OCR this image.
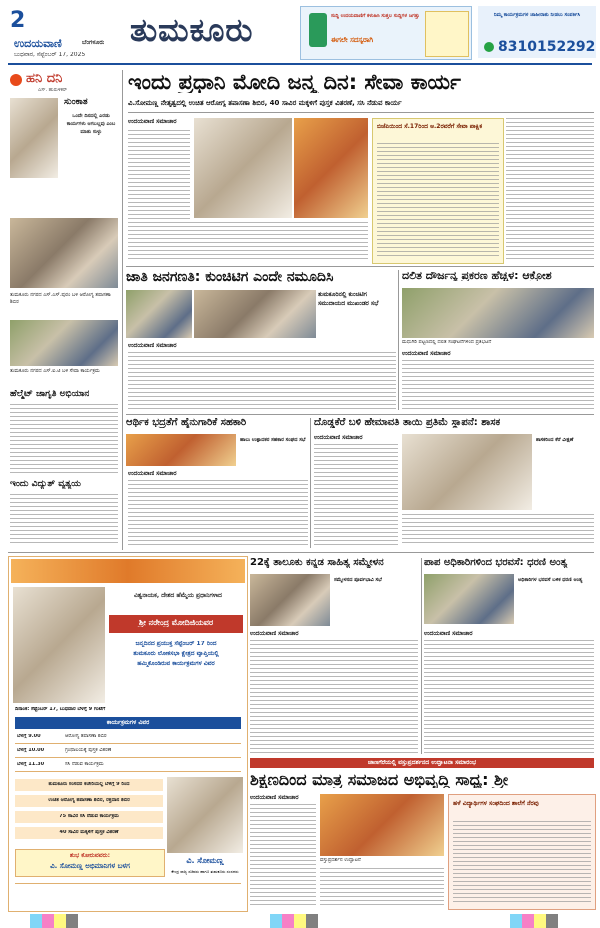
2
ಉದಯವಾಣಿ	ಬೆಂಗಳೂರು
ಬುಧವಾರ, ಸೆಪ್ಟೆಂಬರ್ 17, 2025
ತುಮಕೂರು	ಸುದ್ದಿ ಉದಯವಾಣಿಗೆ ಕಳುಹಿಸಿ ಸುತ್ತಲ ಸುದ್ದಿಗಳ ಜಗತ್ತು
ಈಗಲೇ ಸದಸ್ಯರಾಗಿ
ನಿಮ್ಮ ಕಾರ್ಯಕ್ರಮಗಳ ಜಾಹೀರಾತು ನೀಡಲು ಸಂಪರ್ಕಿಸಿ
8310152292
ಹನಿ ದನಿ
ಎಸ್. ಹುರುಳಿಕರ್
ಸುಂಕಾತ
ಒಂದೇ ದಿನದಲ್ಲಿ ಎರಡು ಕಾರ್ಯಗಳು ಆಗಬಲ್ಲವು ಎಂಬ ಮಾತು ಸುಳ್ಳು
ತುಮಕೂರು ನಗರದ ಎಸ್.ಎಸ್.ಪುರಂ ಬಳಿ ಆರೋಗ್ಯ ತಪಾಸಣಾ ಶಿಬಿರ
ತುಮಕೂರು ನಗರದ ಎಸ್.ಐ.ಟಿ ಬಳಿ ಸೇವಾ ಕಾರ್ಯಕ್ರಮ
ಹೆಲ್ಮೆಟ್ ಜಾಗೃತಿ ಅಭಿಯಾನ
ಇಂದು ವಿದ್ಯುತ್ ವ್ಯತ್ಯಯ
ಇಂದು ಪ್ರಧಾನಿ ಮೋದಿ ಜನ್ಮ ದಿನ: ಸೇವಾ ಕಾರ್ಯ
ವಿ.ಸೋಮಣ್ಣ ನೇತೃತ್ವದಲ್ಲಿ ಉಚಿತ ಆರೋಗ್ಯ ತಪಾಸಣಾ ಶಿಬಿರ, 40 ಸಾವಿರ ಮಕ್ಕಳಿಗೆ ಪುಸ್ತಕ ವಿತರಣೆ, ಸಸಿ ನೆಡುವ ಕಾರ್ಯ
ಉದಯವಾಣಿ ಸಮಾಚಾರ
ಬಿಜೆಪಿಯಿಂದ ಸೆ.17ರಿಂದ ಅ.2ರವರೆಗೆ ಸೇವಾ ಪಾಕ್ಷಿಕ
ಜಾತಿ ಜನಗಣತಿ: ಕುಂಚಿಟಿಗ ಎಂದೇ ನಮೂದಿಸಿ
ತುಮಕೂರಿನಲ್ಲಿ ಕುಂಚಿಟಿಗ ಸಮುದಾಯದ ಮುಖಂಡರ ಸಭೆ
ಉದಯವಾಣಿ ಸಮಾಚಾರ
ದಲಿತ ದೌರ್ಜನ್ಯ ಪ್ರಕರಣ ಹೆಚ್ಚಳ: ಆಕ್ರೋಶ
ಮಧುಗಿರಿ ಪಟ್ಟಣದಲ್ಲಿ ದಲಿತ ಸಂಘಟನೆಗಳಿಂದ ಪ್ರತಿಭಟನೆ
ಉದಯವಾಣಿ ಸಮಾಚಾರ
ಆರ್ಥಿಕ ಭದ್ರತೆಗೆ ಹೈನುಗಾರಿಕೆ ಸಹಕಾರಿ
ಹಾಲು ಉತ್ಪಾದಕರ ಸಹಕಾರ ಸಂಘದ ಸಭೆ
ಉದಯವಾಣಿ ಸಮಾಚಾರ
ದೊಡ್ಡಕೆರೆ ಬಳಿ ಹೇಮಾವತಿ ತಾಯಿ ಪ್ರತಿಮೆ ಸ್ಥಾಪನೆ: ಶಾಸಕ
ಉದಯವಾಣಿ ಸಮಾಚಾರ	ಶಾಸಕರಿಂದ ಕೆರೆ ವೀಕ್ಷಣೆ
ವಿಶ್ವನಾಯಕ, ದೇಶದ ಹೆಮ್ಮೆಯ ಪ್ರಧಾನಿಗಳಾದ
ಶ್ರೀ ನರೇಂದ್ರ ಮೋದಿಜಿಯವರ
ಜನ್ಮದಿನದ ಪ್ರಯುಕ್ತ ಸೆಪ್ಟೆಂಬರ್ 17 ರಿಂದ
ತುಮಕೂರು ಲೋಕಸಭಾ ಕ್ಷೇತ್ರದ ವ್ಯಾಪ್ತಿಯಲ್ಲಿ
ಹಮ್ಮಿಕೊಂಡಿರುವ ಕಾರ್ಯಕ್ರಮಗಳ ವಿವರ
ದಿನಾಂಕ: ಸೆಪ್ಟೆಂಬರ್ 17, ಬುಧವಾರ ಬೆಳಗ್ಗೆ 9 ಗಂಟೆಗೆ
ಕಾರ್ಯಕ್ರಮಗಳ ವಿವರ
ಬೆಳಗ್ಗೆ 9.00	ಆರೋಗ್ಯ ತಪಾಸಣಾ ಶಿಬಿರ
ಬೆಳಗ್ಗೆ 10.00	ಗ್ರಂಥಾಲಯಕ್ಕೆ ಪುಸ್ತಕ ವಿತರಣೆ
ಬೆಳಗ್ಗೆ 11.30	ಸಸಿ ನೆಡುವ ಕಾರ್ಯಕ್ರಮ
ತುಮಕೂರು ಸಂಸದರ ಕಚೇರಿಯಲ್ಲಿ ಬೆಳಿಗ್ಗೆ 9 ರಿಂದ
ಉಚಿತ ಆರೋಗ್ಯ ತಪಾಸಣಾ ಶಿಬಿರ, ರಕ್ತದಾನ ಶಿಬಿರ
75 ಸಾವಿರ ಸಸಿ ನೆಡುವ ಕಾರ್ಯಕ್ರಮ
40 ಸಾವಿರ ಮಕ್ಕಳಿಗೆ ಪುಸ್ತಕ ವಿತರಣೆ
ಶುಭ ಕೋರುವವರು:
ವಿ. ಸೋಮಣ್ಣ ಅಭಿಮಾನಿಗಳ ಬಳಗ
ವಿ. ಸೋಮಣ್ಣ
ಕೇಂದ್ರ ರಾಜ್ಯ ಸಚಿವರು ಹಾಗೂ ತುಮಕೂರು ಸಂಸದರು
22ಕ್ಕೆ ತಾಲೂಕು ಕನ್ನಡ ಸಾಹಿತ್ಯ ಸಮ್ಮೇಳನ
ಸಮ್ಮೇಳನದ ಪೂರ್ವಭಾವಿ ಸಭೆ
ಉದಯವಾಣಿ ಸಮಾಚಾರ
ಪಾಪ ಅಧಿಕಾರಿಗಳಿಂದ ಭರವಸೆ: ಧರಣಿ ಅಂತ್ಯ
ಅಧಿಕಾರಿಗಳ ಭರವಸೆ ಬಳಿಕ ಧರಣಿ ಅಂತ್ಯ
ಉದಯವಾಣಿ ಸಮಾಚಾರ
ಜಾಣಗೆರೆಯಲ್ಲಿ ವಸ್ತುಪ್ರದರ್ಶನದ ಉದ್ಘಾಟನಾ ಸಮಾರಂಭ
ಶಿಕ್ಷಣದಿಂದ ಮಾತ್ರ ಸಮಾಜದ ಅಭಿವೃದ್ಧಿ ಸಾಧ್ಯ: ಶ್ರೀ
ಉದಯವಾಣಿ ಸಮಾಚಾರ
ವಸ್ತುಪ್ರದರ್ಶನ ಉದ್ಘಾಟನೆ
ಹಳೆ ವಿದ್ಯಾರ್ಥಿಗಳ ಸಂಘದಿಂದ ಶಾಲೆಗೆ ನೆರವು
